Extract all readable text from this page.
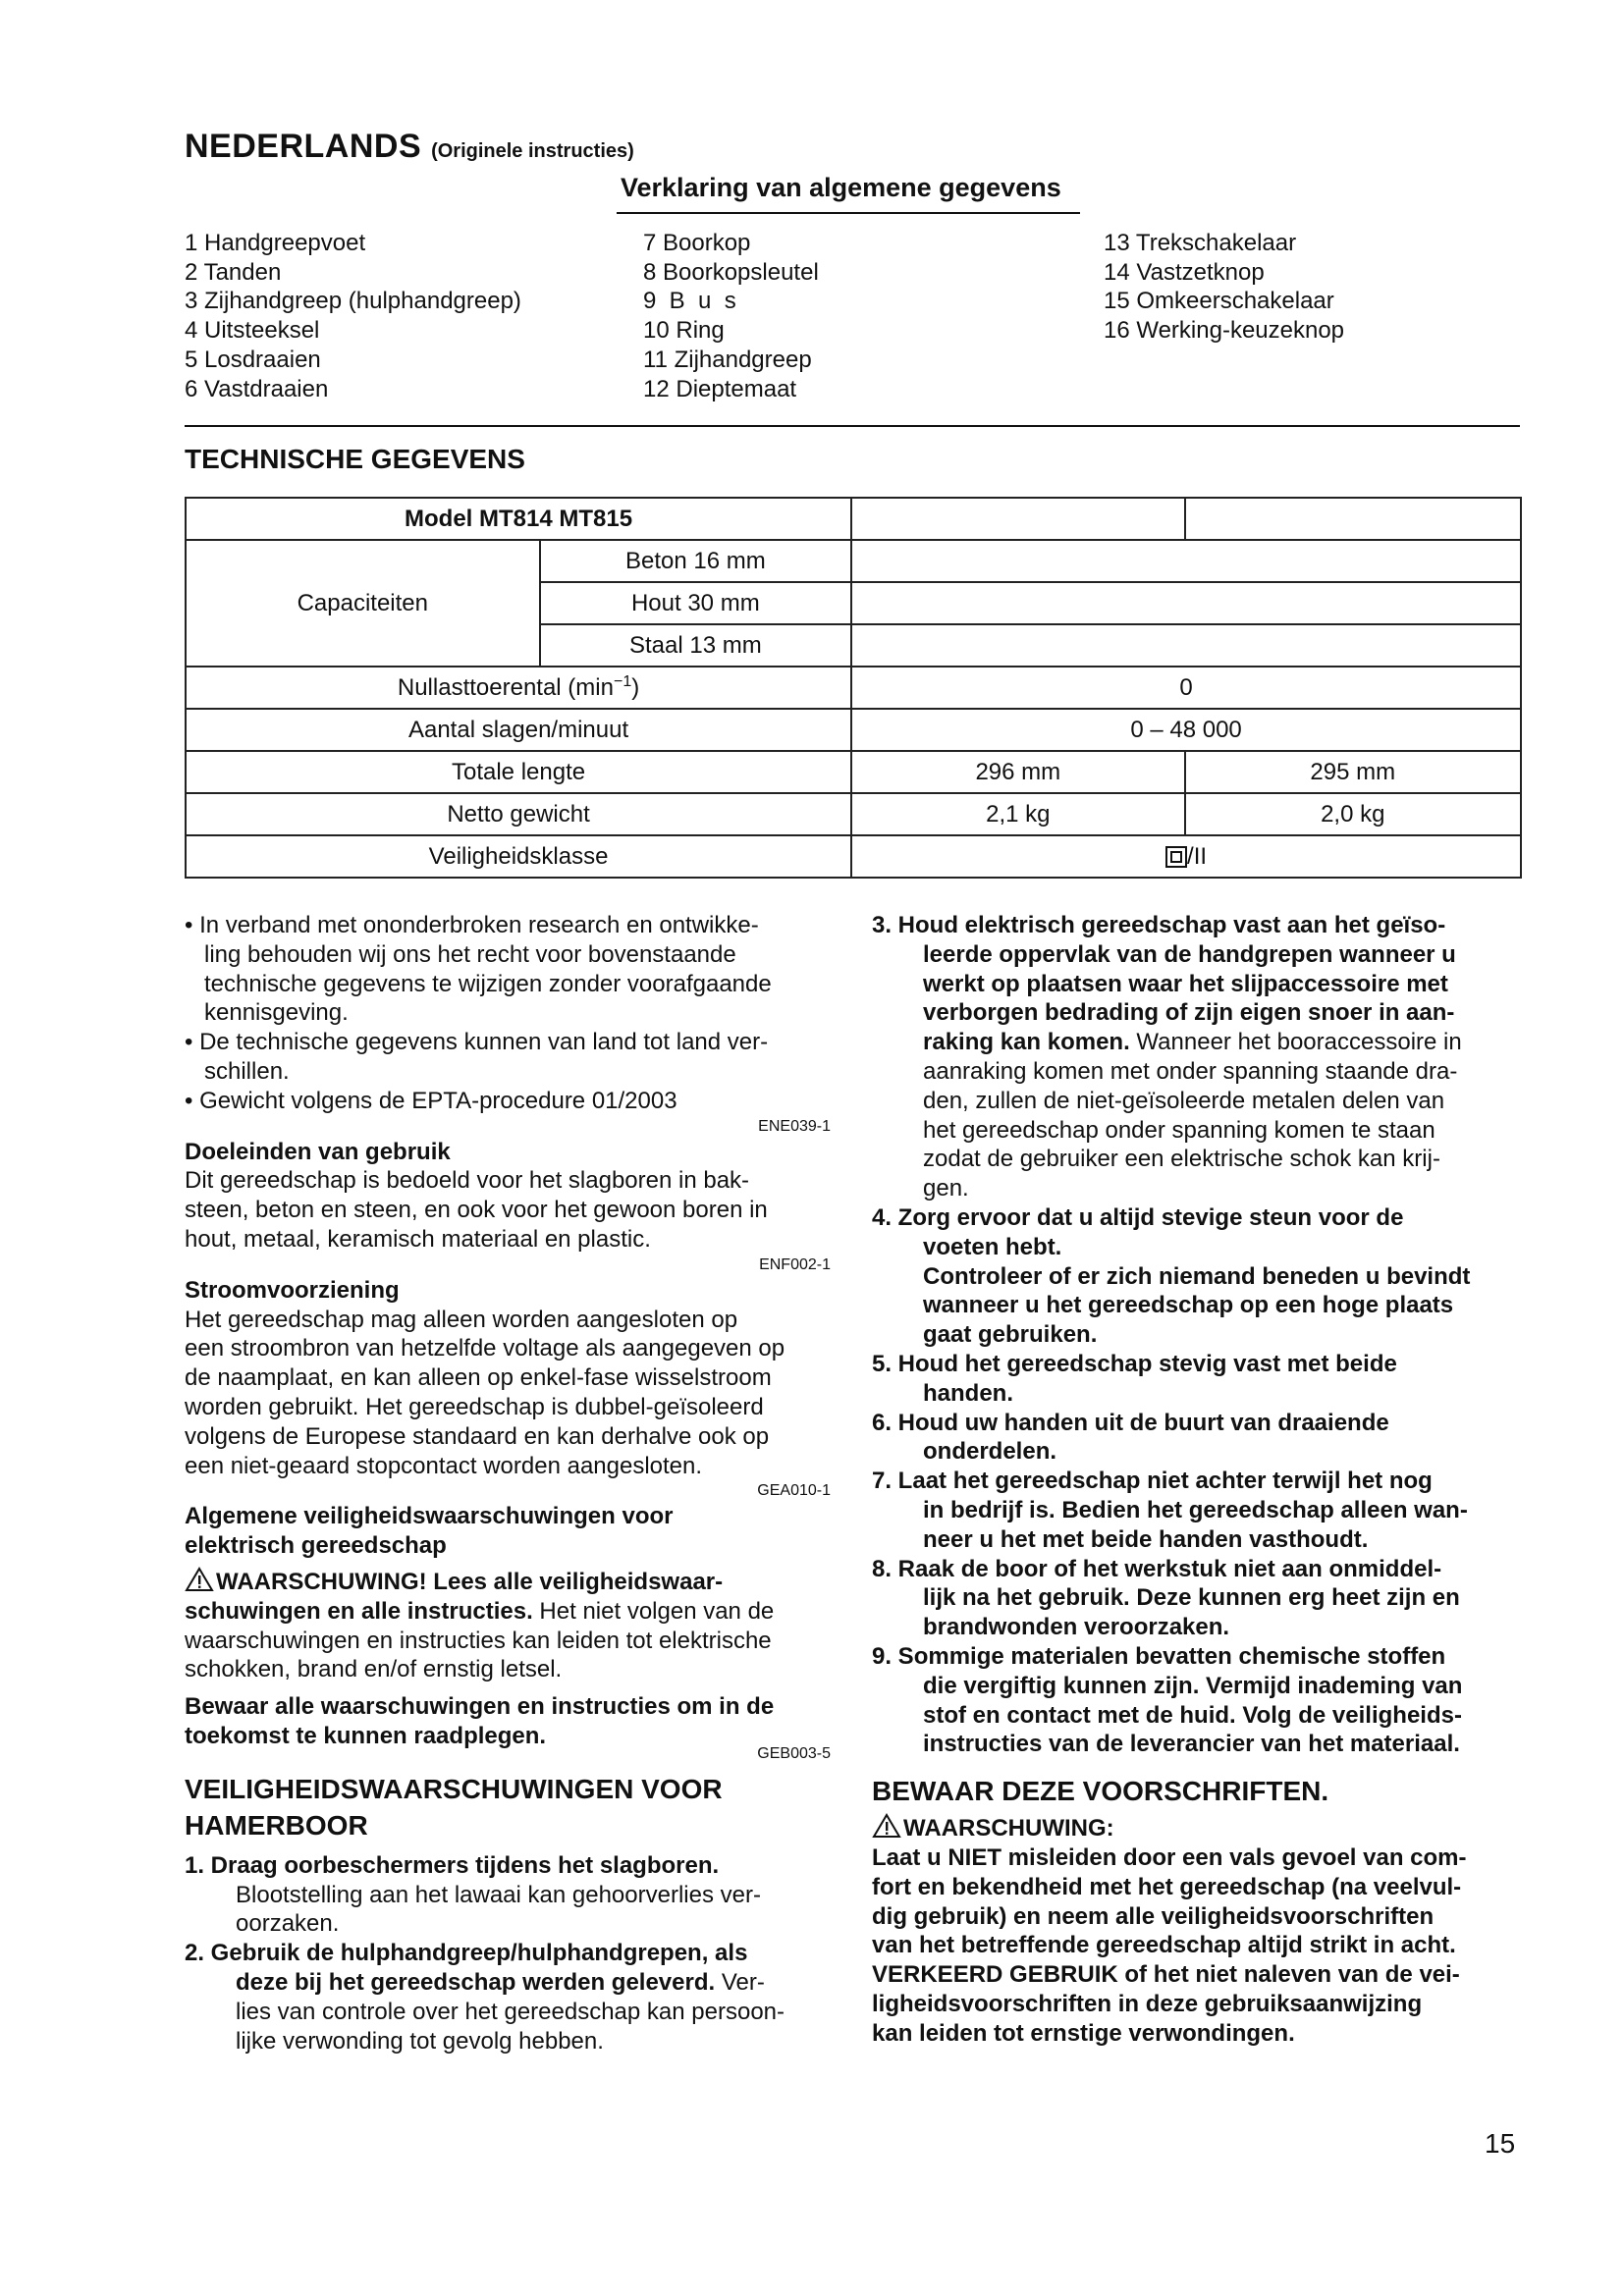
NEDERLANDS (Originele instructies)
Verklaring van algemene gegevens
1 Handgreepvoet
2 Tanden
3 Zijhandgreep (hulphandgreep)
4 Uitsteeksel
5 Losdraaien
6 Vastdraaien
7 Boorkop
8 Boorkopsleutel
9  B  u  s
10 Ring
11 Zijhandgreep
12 Dieptemaat
13 Trekschakelaar
14 Vastzetknop
15 Omkeerschakelaar
16 Werking-keuzeknop
TECHNISCHE GEGEVENS
Model MT814 MT815			
Capaciteiten	Beton 16 mm		
	Hout 30 mm		
	Staal 13 mm		
Nullasttoerental $(\min^{-1})$		0	
Aantal slagen/minuut		0 – 48 000	
Totale lengte		296 mm	295 mm
Netto gewicht		2,1 kg	2,0 kg
Veiligheidsklasse		/II	
• In verband met ononderbroken research en ontwikke-
ling behouden wij ons het recht voor bovenstaande
technische gegevens te wijzigen zonder voorafgaande
kennisgeving.
• De technische gegevens kunnen van land tot land ver-
schillen.
• Gewicht volgens de EPTA-procedure 01/2003
ENE039-1
Doeleinden van gebruik
Dit gereedschap is bedoeld voor het slagboren in bak-
steen, beton en steen, en ook voor het gewoon boren in
hout, metaal, keramisch materiaal en plastic.
ENF002-1
Stroomvoorziening
Het gereedschap mag alleen worden aangesloten op
een stroombron van hetzelfde voltage als aangegeven op
de naamplaat, en kan alleen op enkel-fase wisselstroom
worden gebruikt. Het gereedschap is dubbel-geïsoleerd
volgens de Europese standaard en kan derhalve ook op
een niet-geaard stopcontact worden aangesloten.
GEA010-1
Algemene veiligheidswaarschuwingen voor
elektrisch gereedschap
WAARSCHUWING! Lees alle veiligheidswaar-
schuwingen en alle instructies. Het niet volgen van de
waarschuwingen en instructies kan leiden tot elektrische
schokken, brand en/of ernstig letsel.
Bewaar alle waarschuwingen en instructies om in de
toekomst te kunnen raadplegen.
GEB003-5
VEILIGHEIDSWAARSCHUWINGEN VOOR
HAMERBOOR
1. Draag oorbeschermers tijdens het slagboren.
Blootstelling aan het lawaai kan gehoorverlies ver-
oorzaken.
2. Gebruik de hulphandgreep/hulphandgrepen, als
deze bij het gereedschap werden geleverd. Ver-
lies van controle over het gereedschap kan persoon-
lijke verwonding tot gevolg hebben.
3. Houd elektrisch gereedschap vast aan het geïso-
leerde oppervlak van de handgrepen wanneer u
werkt op plaatsen waar het slijpaccessoire met
verborgen bedrading of zijn eigen snoer in aan-
raking kan komen. Wanneer het booraccessoire in
aanraking komen met onder spanning staande dra-
den, zullen de niet-geïsoleerde metalen delen van
het gereedschap onder spanning komen te staan
zodat de gebruiker een elektrische schok kan krij-
gen.
4. Zorg ervoor dat u altijd stevige steun voor de
voeten hebt.
Controleer of er zich niemand beneden u bevindt
wanneer u het gereedschap op een hoge plaats
gaat gebruiken.
5. Houd het gereedschap stevig vast met beide
handen.
6. Houd uw handen uit de buurt van draaiende
onderdelen.
7. Laat het gereedschap niet achter terwijl het nog
in bedrijf is. Bedien het gereedschap alleen wan-
neer u het met beide handen vasthoudt.
8. Raak de boor of het werkstuk niet aan onmiddel-
lijk na het gebruik. Deze kunnen erg heet zijn en
brandwonden veroorzaken.
9. Sommige materialen bevatten chemische stoffen
die vergiftig kunnen zijn. Vermijd inademing van
stof en contact met de huid. Volg de veiligheids-
instructies van de leverancier van het materiaal.
BEWAAR DEZE VOORSCHRIFTEN.
WAARSCHUWING:
Laat u NIET misleiden door een vals gevoel van com-
fort en bekendheid met het gereedschap (na veelvul-
dig gebruik) en neem alle veiligheidsvoorschriften
van het betreffende gereedschap altijd strikt in acht.
VERKEERD GEBRUIK of het niet naleven van de vei-
ligheidsvoorschriften in deze gebruiksaanwijzing
kan leiden tot ernstige verwondingen.
15
